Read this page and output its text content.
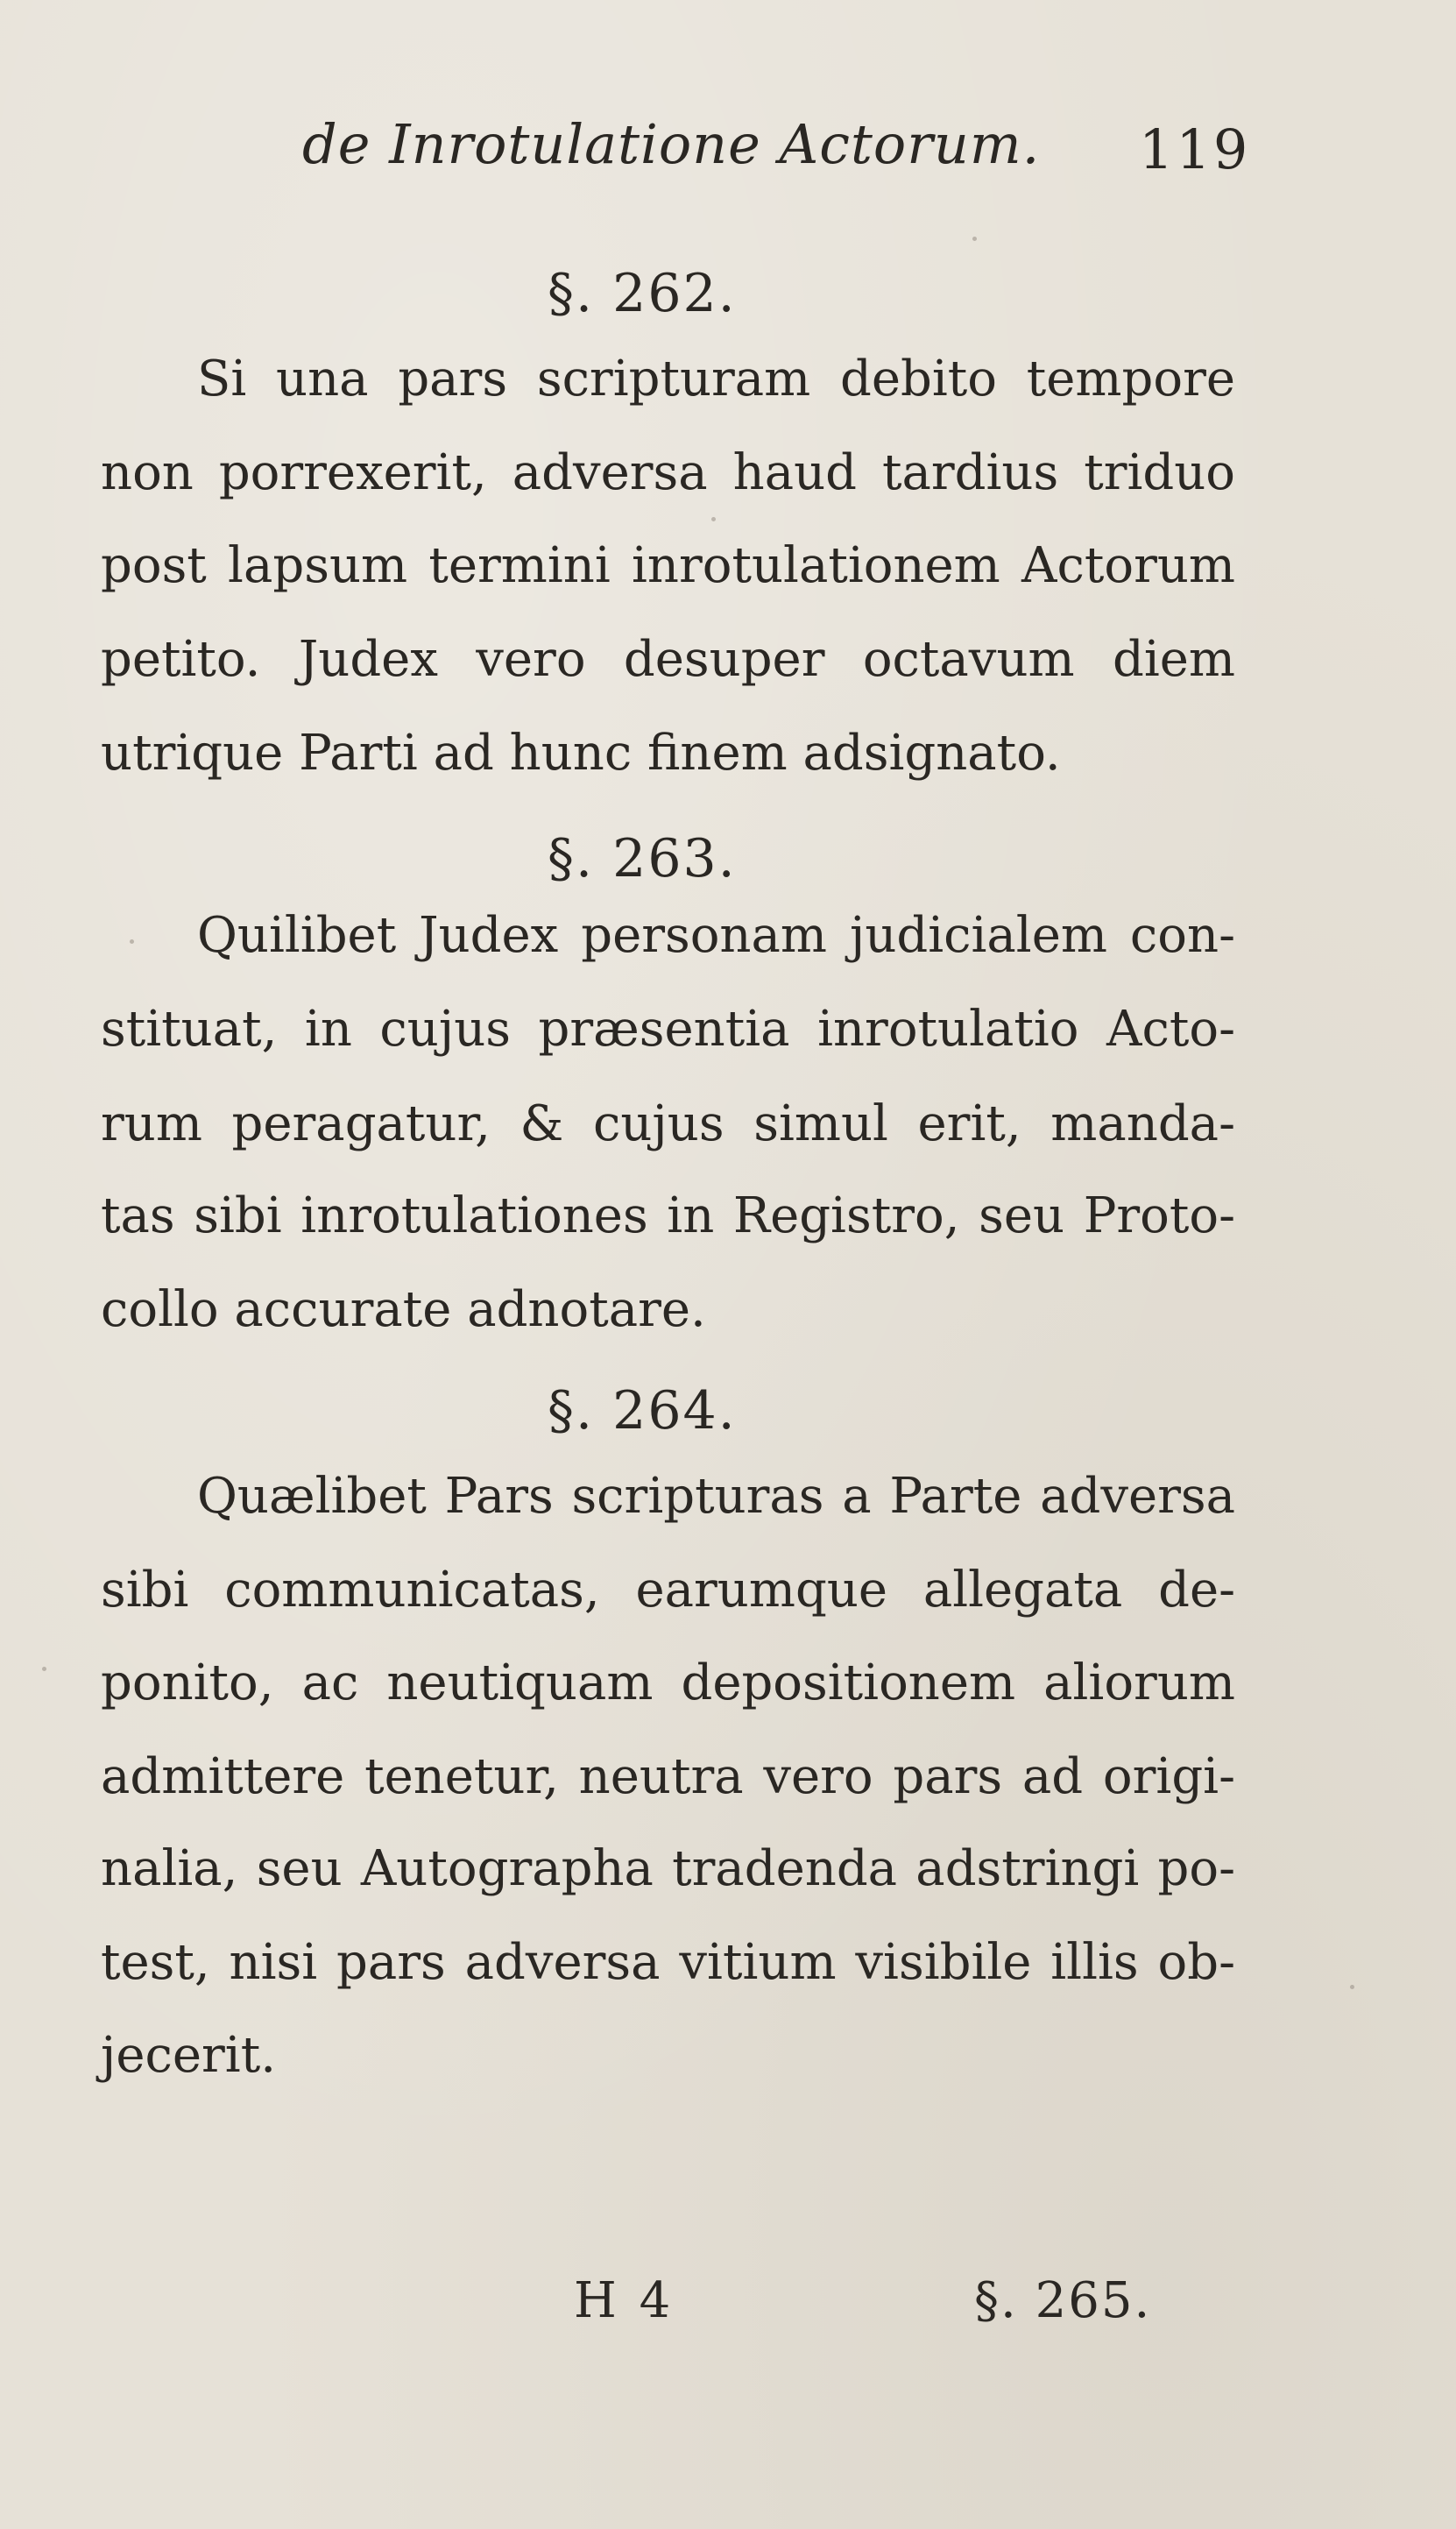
de Inrotulatione Actorum. 119
§. 262.
Si una pars scripturam debito tempore
non porrexerit, adversa haud tardius triduo
post lapsum termini inrotulationem Actorum
petito. Judex vero desuper octavum diem
utrique Parti ad hunc finem adsignato.
§. 263.
Quilibet Judex personam judicialem con-
stituat, in cujus præsentia inrotulatio Acto-
rum peragatur, & cujus simul erit, manda-
tas sibi inrotulationes in Registro, seu Proto-
collo accurate adnotare.
§. 264.
Quælibet Pars scripturas a Parte adversa
sibi communicatas, earumque allegata de-
ponito, ac neutiquam depositionem aliorum
admittere tenetur, neutra vero pars ad origi-
nalia, seu Autographa tradenda adstringi po-
test, nisi pars adversa vitium visibile illis ob-
jecerit.
H 4	§. 265.
